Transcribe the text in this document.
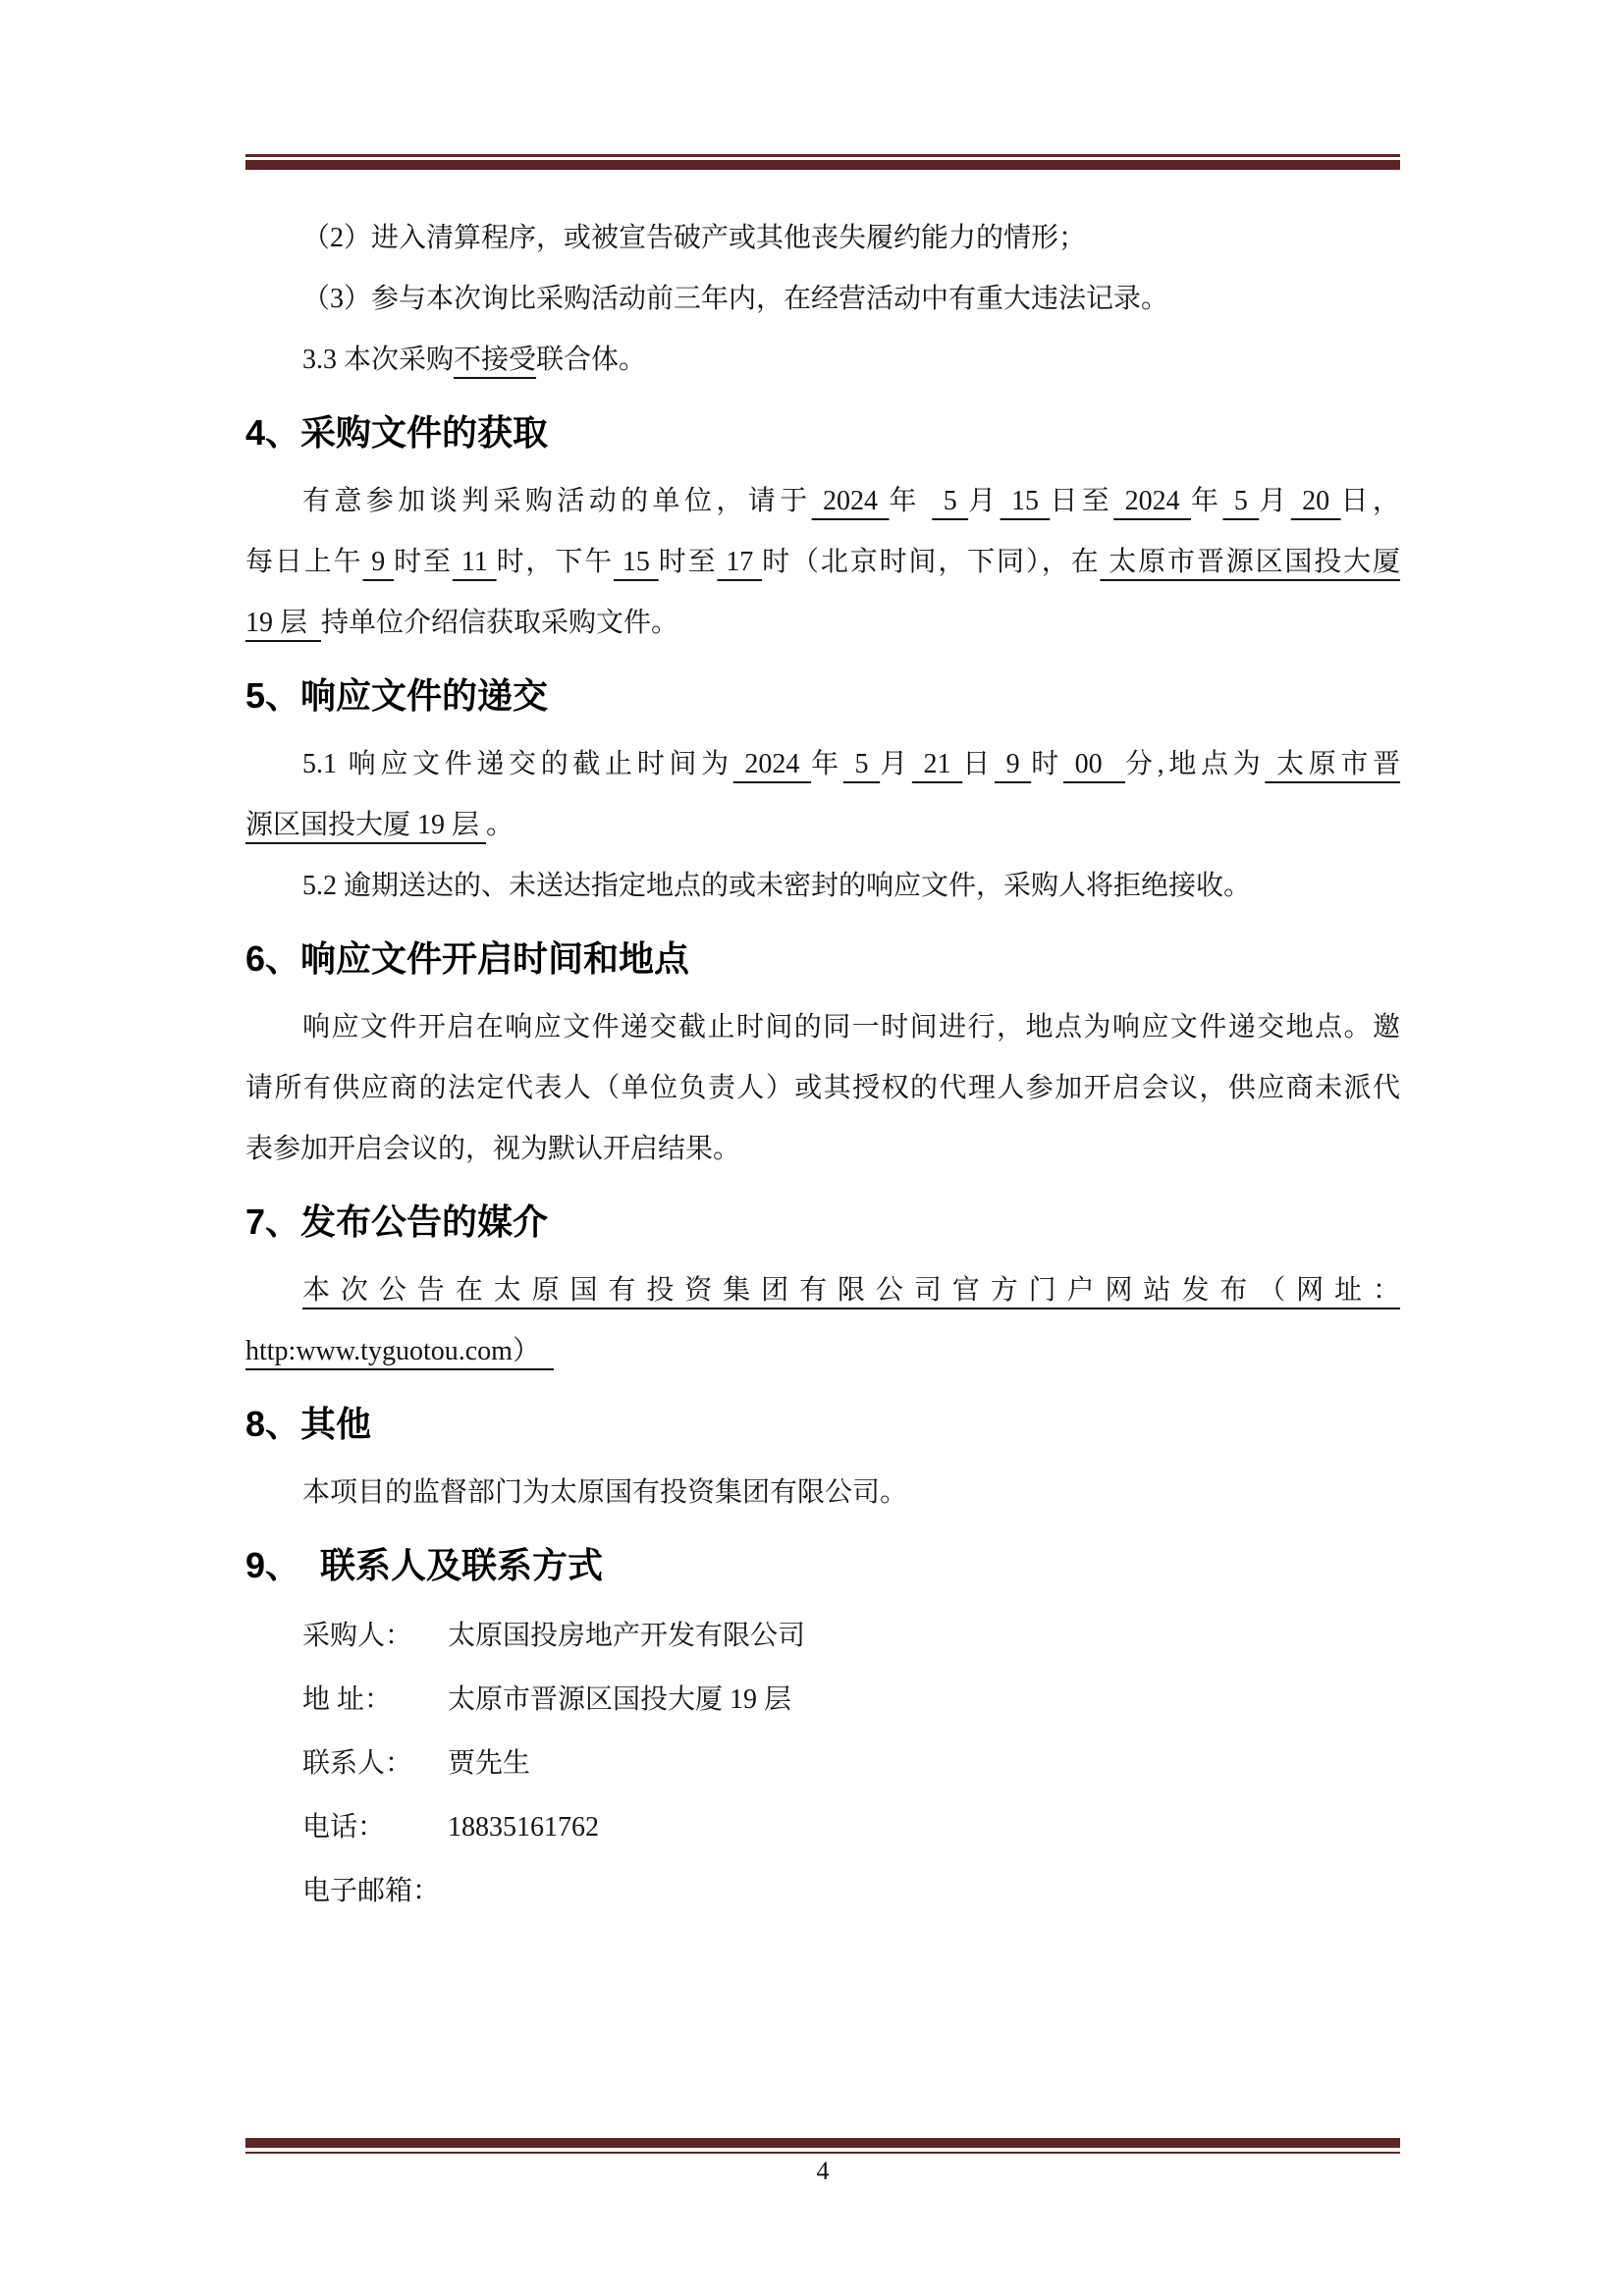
（2）进入清算程序，或被宣告破产或其他丧失履约能力的情形；
（3）参与本次询比采购活动前三年内，在经营活动中有重大违法记录。
3.3 本次采购不接受联合体。
4、采购文件的获取
有意参加谈判采购活动的单位，请于 2024 年  5 月 15 日至 2024 年 5 月 20 日，
每日上午 9 时至 11 时，下午 15 时至 17 时（北京时间，下同），在 太原市晋源区国投大厦
19 层  持单位介绍信获取采购文件。
5、响应文件的递交
5.1 响应文件递交的截止时间为 2024 年 5 月 21 日 9 时 00  分,地点为 太原市晋
源区国投大厦 19 层 。
5.2 逾期送达的、未送达指定地点的或未密封的响应文件，采购人将拒绝接收。
6、响应文件开启时间和地点
响应文件开启在响应文件递交截止时间的同一时间进行，地点为响应文件递交地点。邀
请所有供应商的法定代表人（单位负责人）或其授权的代理人参加开启会议，供应商未派代
表参加开启会议的，视为默认开启结果。
7、发布公告的媒介
本次公告在太原国有投资集团有限公司官方门户网站发布（网址：
http:www.tyguotou.com）
8、其他
本项目的监督部门为太原国有投资集团有限公司。
9、  联系人及联系方式
采购人：	太原国投房地产开发有限公司
地 址：	太原市晋源区国投大厦 19 层
联系人：	贾先生
电话：	18835161762
电子邮箱：
4
